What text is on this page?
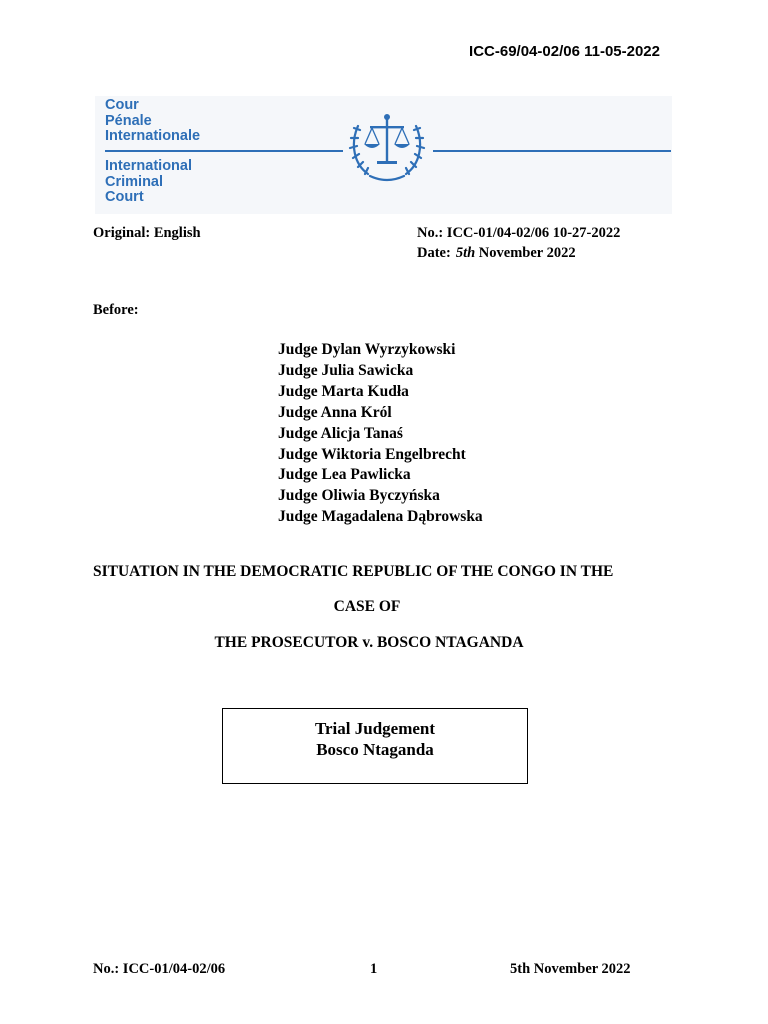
ICC-69/04-02/06 11-05-2022
Cour
Pénale
Internationale
International
Criminal
Court
Original: English	No.: ICC-01/04-02/06 10-27-2022
Date: 5th November 2022
Before:
Judge Dylan Wyrzykowski
Judge Julia Sawicka
Judge Marta Kudła
Judge Anna Król
Judge Alicja Tanaś
Judge Wiktoria Engelbrecht
Judge Lea Pawlicka
Judge Oliwia Byczyńska
Judge Magadalena Dąbrowska
SITUATION IN THE DEMOCRATIC REPUBLIC OF THE CONGO IN THE
CASE OF
THE PROSECUTOR v. BOSCO NTAGANDA
Trial Judgement
Bosco Ntaganda
No.: ICC-01/04-02/06	1	5th November 2022
